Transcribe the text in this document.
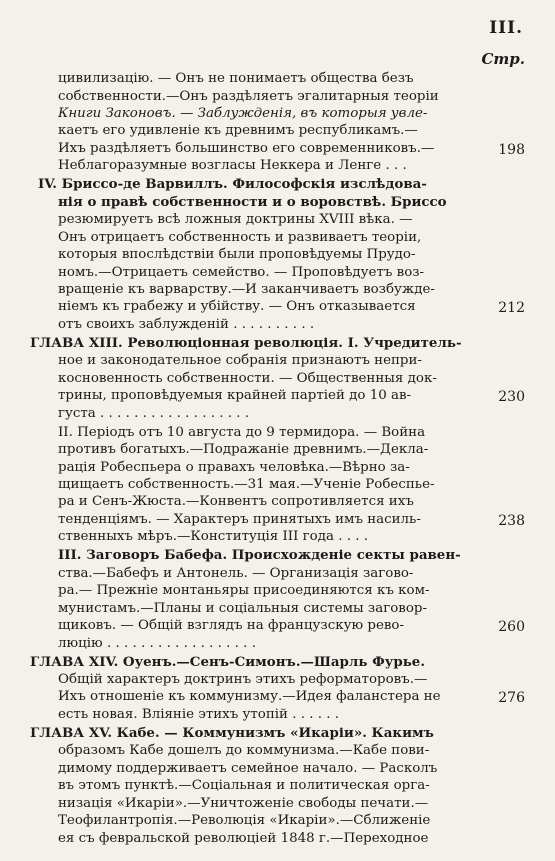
III.
Стр.
цивилизацію. — Онъ не понимаетъ общества безъ
собственности.—Онъ раздѣляетъ эгалитарныя теоріи
Книги Законовъ. — Заблужденія, въ которыя увле-
каетъ его удивленіе къ древнимъ республикамъ.—
Ихъ раздѣляетъ большинство его современниковъ.—
Неблагоразумные возгласы Неккера и Ленге . . .
198
IV. Бриссо-де Варвиллъ. Философскія изслѣдова-
нія о правѣ собственности и о воровствѣ. Бриссо
резюмируетъ всѣ ложныя доктрины XVIII вѣка. —
Онъ отрицаетъ собственность и развиваетъ теоріи,
которыя впослѣдствіи были проповѣдуемы Прудо-
номъ.—Отрицаетъ семейство. — Проповѣдуетъ воз-
вращеніе къ варварству.—И заканчиваетъ возбужде-
ніемъ къ грабежу и убійству. — Онъ отказывается
отъ своихъ заблужденій . . . . . . . . . .
212
ГЛАВА XIII. Революціонная революція. I. Учредитель-
ное и законодательное собранія признаютъ непри-
косновенность собственности. — Общественныя док-
трины, проповѣдуемыя крайней партіей до 10 ав-
густа . . . . . . . . . . . . . . . . . .
230
II. Періодъ отъ 10 августа до 9 термидора. — Война
противъ богатыхъ.—Подражаніе древнимъ.—Декла-
рація Робеспьера о правахъ человѣка.—Вѣрно за-
щищаетъ собственность.—31 мая.—Ученіе Робеспье-
ра и Сенъ-Жюста.—Конвентъ сопротивляется ихъ
тенденціямъ. — Характеръ принятыхъ имъ насиль-
ственныхъ мѣръ.—Конституція III года . . . .
238
III. Заговоръ Бабефа. Происхожденіе секты равен-
ства.—Бабефъ и Антонель. — Организація загово-
ра.— Прежніе монтаньяры присоединяются къ ком-
мунистамъ.—Планы и соціальныя системы заговор-
щиковъ. — Общій взглядъ на французскую рево-
люцію . . . . . . . . . . . . . . . . . .
260
ГЛАВА XIV. Оуенъ.—Сенъ-Симонъ.—Шарль Фурье.
Общій характеръ доктринъ этихъ реформаторовъ.—
Ихъ отношеніе къ коммунизму.—Идея фаланстера не
есть новая. Вліяніе этихъ утопій . . . . . .
276
ГЛАВА XV. Кабе. — Коммунизмъ «Икаріи». Какимъ
образомъ Кабе дошелъ до коммунизма.—Кабе пови-
димому поддерживаетъ семейное начало. — Расколъ
въ этомъ пунктѣ.—Соціальная и политическая орга-
низація «Икаріи».—Уничтоженіе свободы печати.—
Теофилантропія.—Революція «Икаріи».—Сближеніе
ея съ февральской революціей 1848 г.—Переходное
